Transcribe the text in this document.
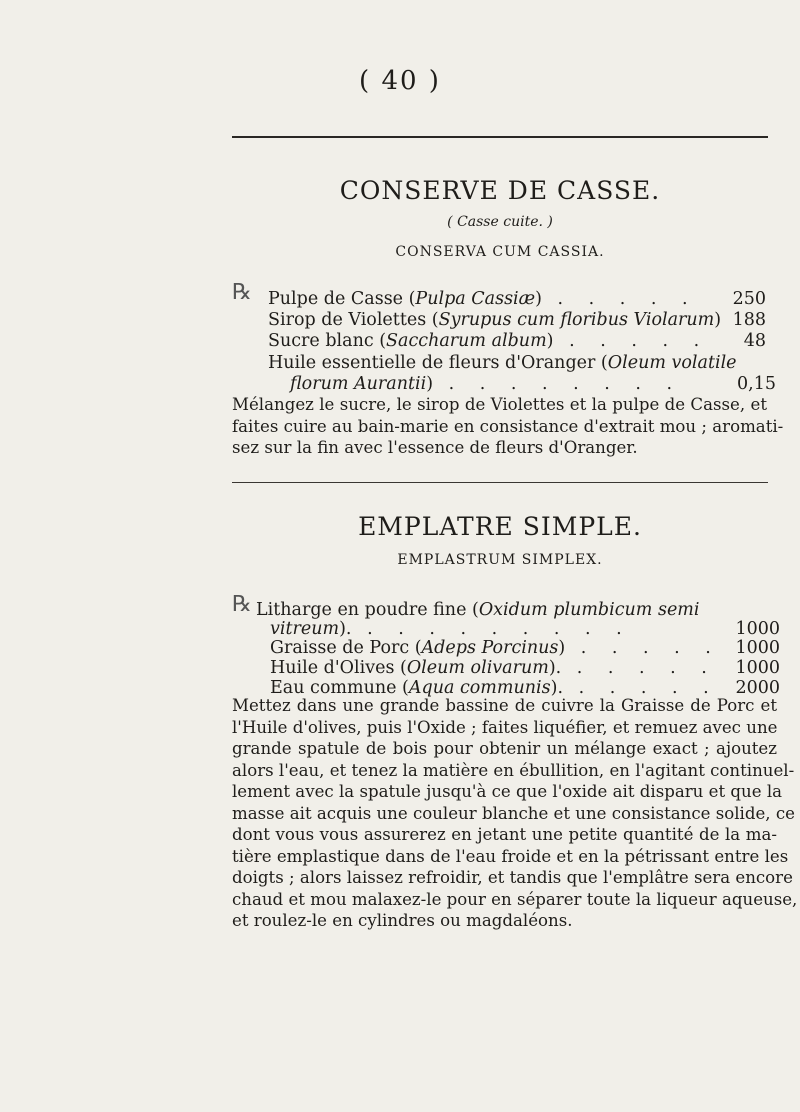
( 40 )
CONSERVE DE CASSE.
( Casse cuite. )
CONSERVA CUM CASSIA.
℞ Pulpe de Casse (Pulpa Cassiæ) . . . . . 250
Sirop de Violettes (Syrupus cum floribus Violarum) 188
Sucre blanc (Saccharum album) . . . . . 48
Huile essentielle de fleurs d'Oranger (Oleum volatile
florum Aurantii) . . . . . . . .	0,15
Mélangez le sucre, le sirop de Violettes et la pulpe de Casse, et
faites cuire au bain-marie en consistance d'extrait mou ; aromati-
sez sur la fin avec l'essence de fleurs d'Oranger.
EMPLATRE SIMPLE.
EMPLASTRUM SIMPLEX.
℞ Litharge en poudre fine (Oxidum plumbicum semi
vitreum). . . . . . . . . .	1000
Graisse de Porc (Adeps Porcinus) . . . . . 1000
Huile d'Olives (Oleum olivarum). . . . . . 1000
Eau commune (Aqua communis). . . . . . 2000
Mettez dans une grande bassine de cuivre la Graisse de Porc et
l'Huile d'olives, puis l'Oxide ; faites liquéfier, et remuez avec une
grande spatule de bois pour obtenir un mélange exact ; ajoutez
alors l'eau, et tenez la matière en ébullition, en l'agitant continuel-
lement avec la spatule jusqu'à ce que l'oxide ait disparu et que la
masse ait acquis une couleur blanche et une consistance solide, ce
dont vous vous assurerez en jetant une petite quantité de la ma-
tière emplastique dans de l'eau froide et en la pétrissant entre les
doigts ; alors laissez refroidir, et tandis que l'emplâtre sera encore
chaud et mou malaxez-le pour en séparer toute la liqueur aqueuse,
et roulez-le en cylindres ou magdaléons.
